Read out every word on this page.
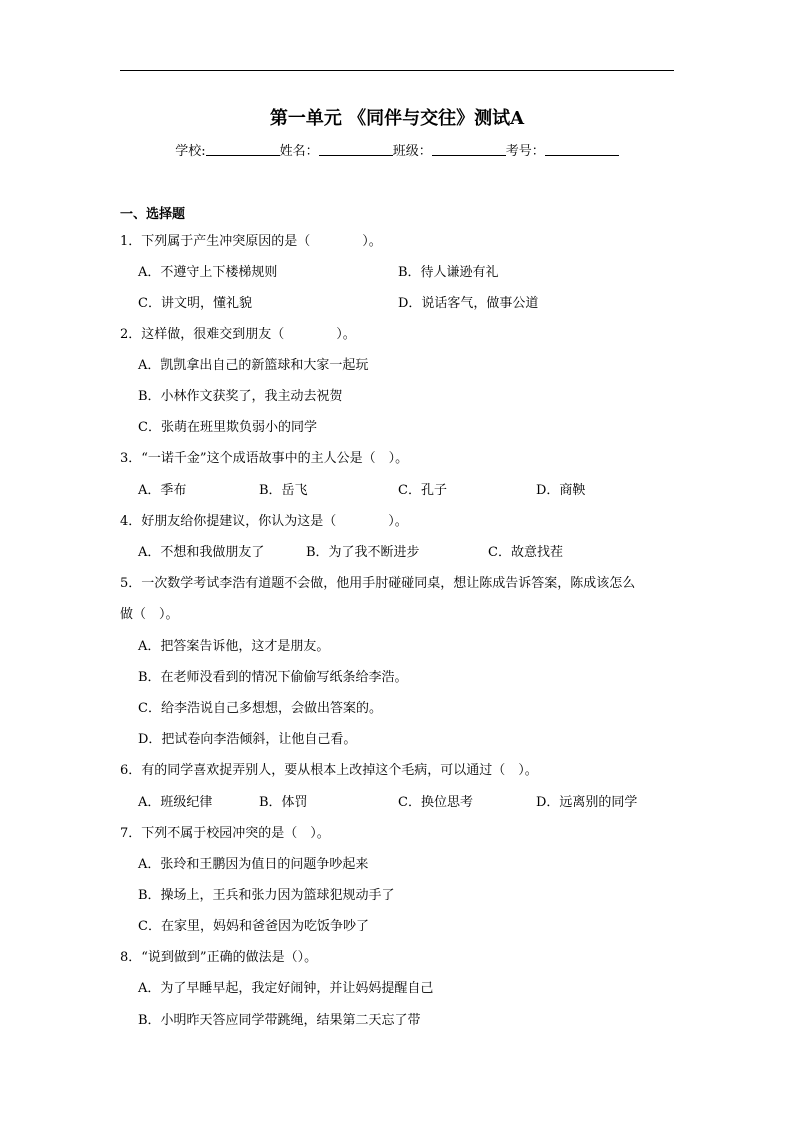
第一单元 《同伴与交往》测试A
学校:	姓名：	班级：	考号：
一、选择题
1．下列属于产生冲突原因的是（　　　　）。
A．不遵守上下楼梯规则	B．待人谦逊有礼
C．讲文明，懂礼貌	D．说话客气，做事公道
2．这样做，很难交到朋友（　　　　）。
A．凯凯拿出自己的新篮球和大家一起玩
B．小林作文获奖了，我主动去祝贺
C．张萌在班里欺负弱小的同学
3．“一诺千金”这个成语故事中的主人公是（　）。
A．季布	B．岳飞	C．孔子	D．商鞅
4．好朋友给你提建议，你认为这是（　　　　）。
A．不想和我做朋友了	B．为了我不断进步	C．故意找茬
5．一次数学考试李浩有道题不会做，他用手肘碰碰同桌，想让陈成告诉答案，陈成该怎么
做（　）。
A．把答案告诉他，这才是朋友。
B．在老师没看到的情况下偷偷写纸条给李浩。
C．给李浩说自己多想想，会做出答案的。
D．把试卷向李浩倾斜，让他自己看。
6．有的同学喜欢捉弄别人，要从根本上改掉这个毛病，可以通过（　）。
A．班级纪律	B．体罚	C．换位思考	D．远离别的同学
7．下列不属于校园冲突的是（　）。
A．张玲和王鹏因为值日的问题争吵起来
B．操场上，王兵和张力因为篮球犯规动手了
C．在家里，妈妈和爸爸因为吃饭争吵了
8．“说到做到”正确的做法是（）。
A．为了早睡早起，我定好闹钟，并让妈妈提醒自己
B．小明昨天答应同学带跳绳，结果第二天忘了带
